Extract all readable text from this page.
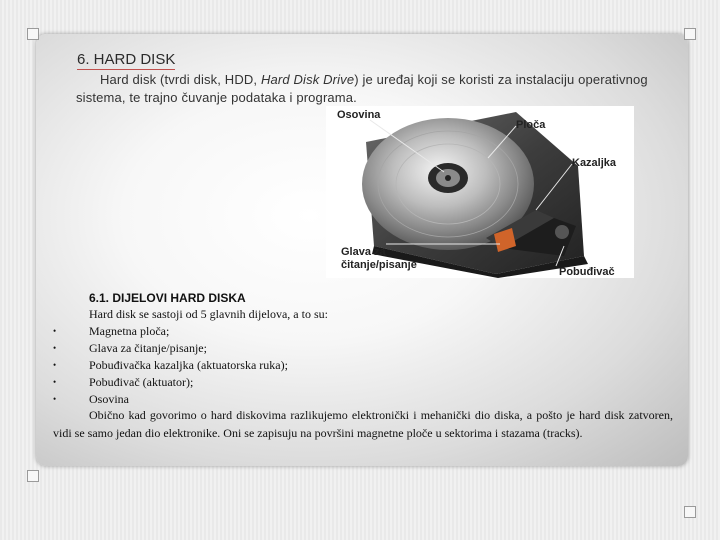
6. HARD DISK
Hard disk (tvrdi disk, HDD, Hard Disk Drive) je uređaj koji se koristi za instalaciju operativnog sistema, te trajno čuvanje podataka i programa.
Osovina
Ploča
Kazaljka
Glava za
čitanje/pisanje
Pobuđivač
6.1. DIJELOVI HARD DISKA
Hard disk se sastoji od 5 glavnih dijelova, a to su:
•	Magnetna ploča;
•	Glava za čitanje/pisanje;
•	Pobuđivačka kazaljka (aktuatorska ruka);
•	Pobuđivač (aktuator);
•	Osovina
Obično kad govorimo o hard diskovima razlikujemo elektronički i mehanički dio diska, a pošto je hard disk zatvoren, vidi se samo jedan dio elektronike. Oni se zapisuju na površini magnetne ploče u sektorima i stazama (tracks).
